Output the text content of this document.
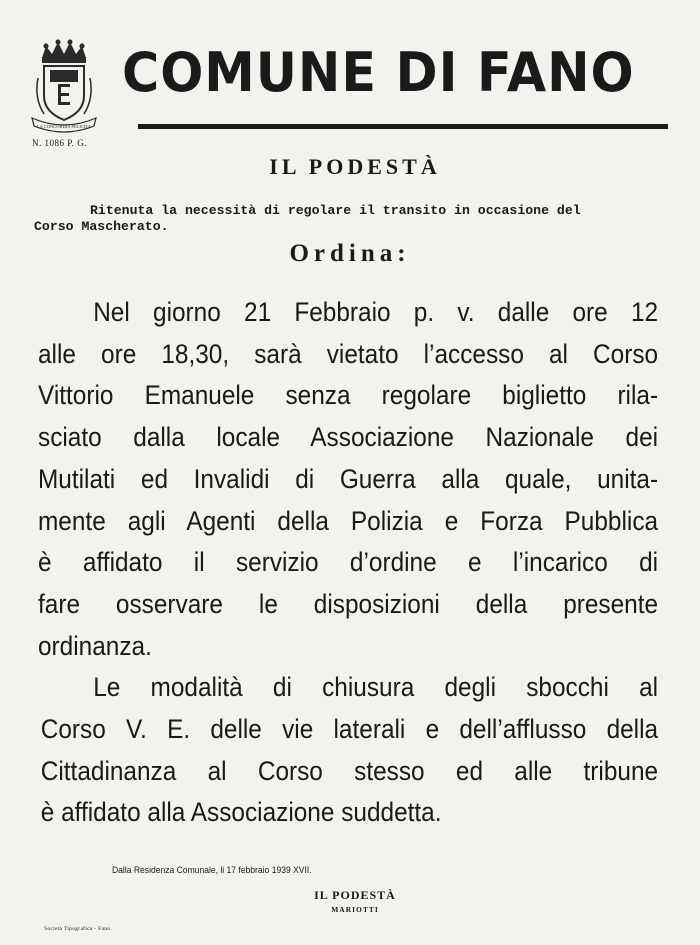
LA CONCORDIA FELICITA
N. 1086 P. G.
COMUNE DI FANO
IL PODESTÀ
Ritenuta la necessità di regolare il transito in occasione del
Corso Mascherato.
Ordina:
Nel giorno 21 Febbraio p. v. dalle ore 12
alle ore 18,30, sarà vietato l’accesso al Corso
Vittorio Emanuele senza regolare biglietto rila-
sciato dalla locale Associazione Nazionale dei
Mutilati ed Invalidi di Guerra alla quale, unita-
mente agli Agenti della Polizia e Forza Pubblica
è affidato il servizio d’ordine e l’incarico di
fare osservare le disposizioni della presente
ordinanza.
Le modalità di chiusura degli sbocchi al
Corso V. E. delle vie laterali e dell’afflusso della
Cittadinanza al Corso stesso ed alle tribune
è affidato alla Associazione suddetta.
Dalla Residenza Comunale, li 17 febbraio 1939 XVII.
IL PODESTÀ
MARIOTTI
Società Tipografica - Fano.
